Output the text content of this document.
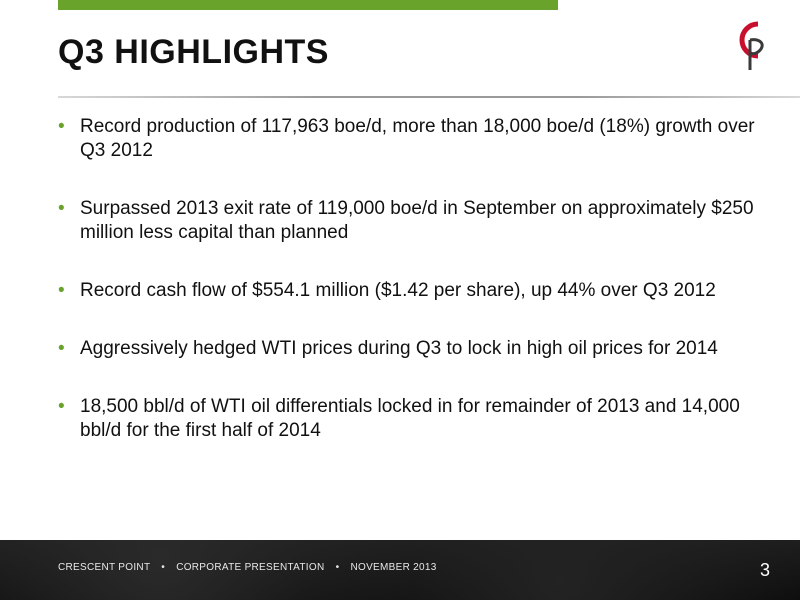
Q3 HIGHLIGHTS
• Record production of 117,963 boe/d, more than 18,000 boe/d (18%) growth over Q3 2012
• Surpassed 2013 exit rate of 119,000 boe/d in September on approximately $250 million less capital than planned
• Record cash flow of $554.1 million ($1.42 per share), up 44% over Q3 2012
• Aggressively hedged WTI prices during Q3 to lock in high oil prices for 2014
• 18,500 bbl/d of WTI oil differentials locked in for remainder of 2013 and 14,000 bbl/d for the first half of 2014
CRESCENT POINT • CORPORATE PRESENTATION • NOVEMBER 2013	3
